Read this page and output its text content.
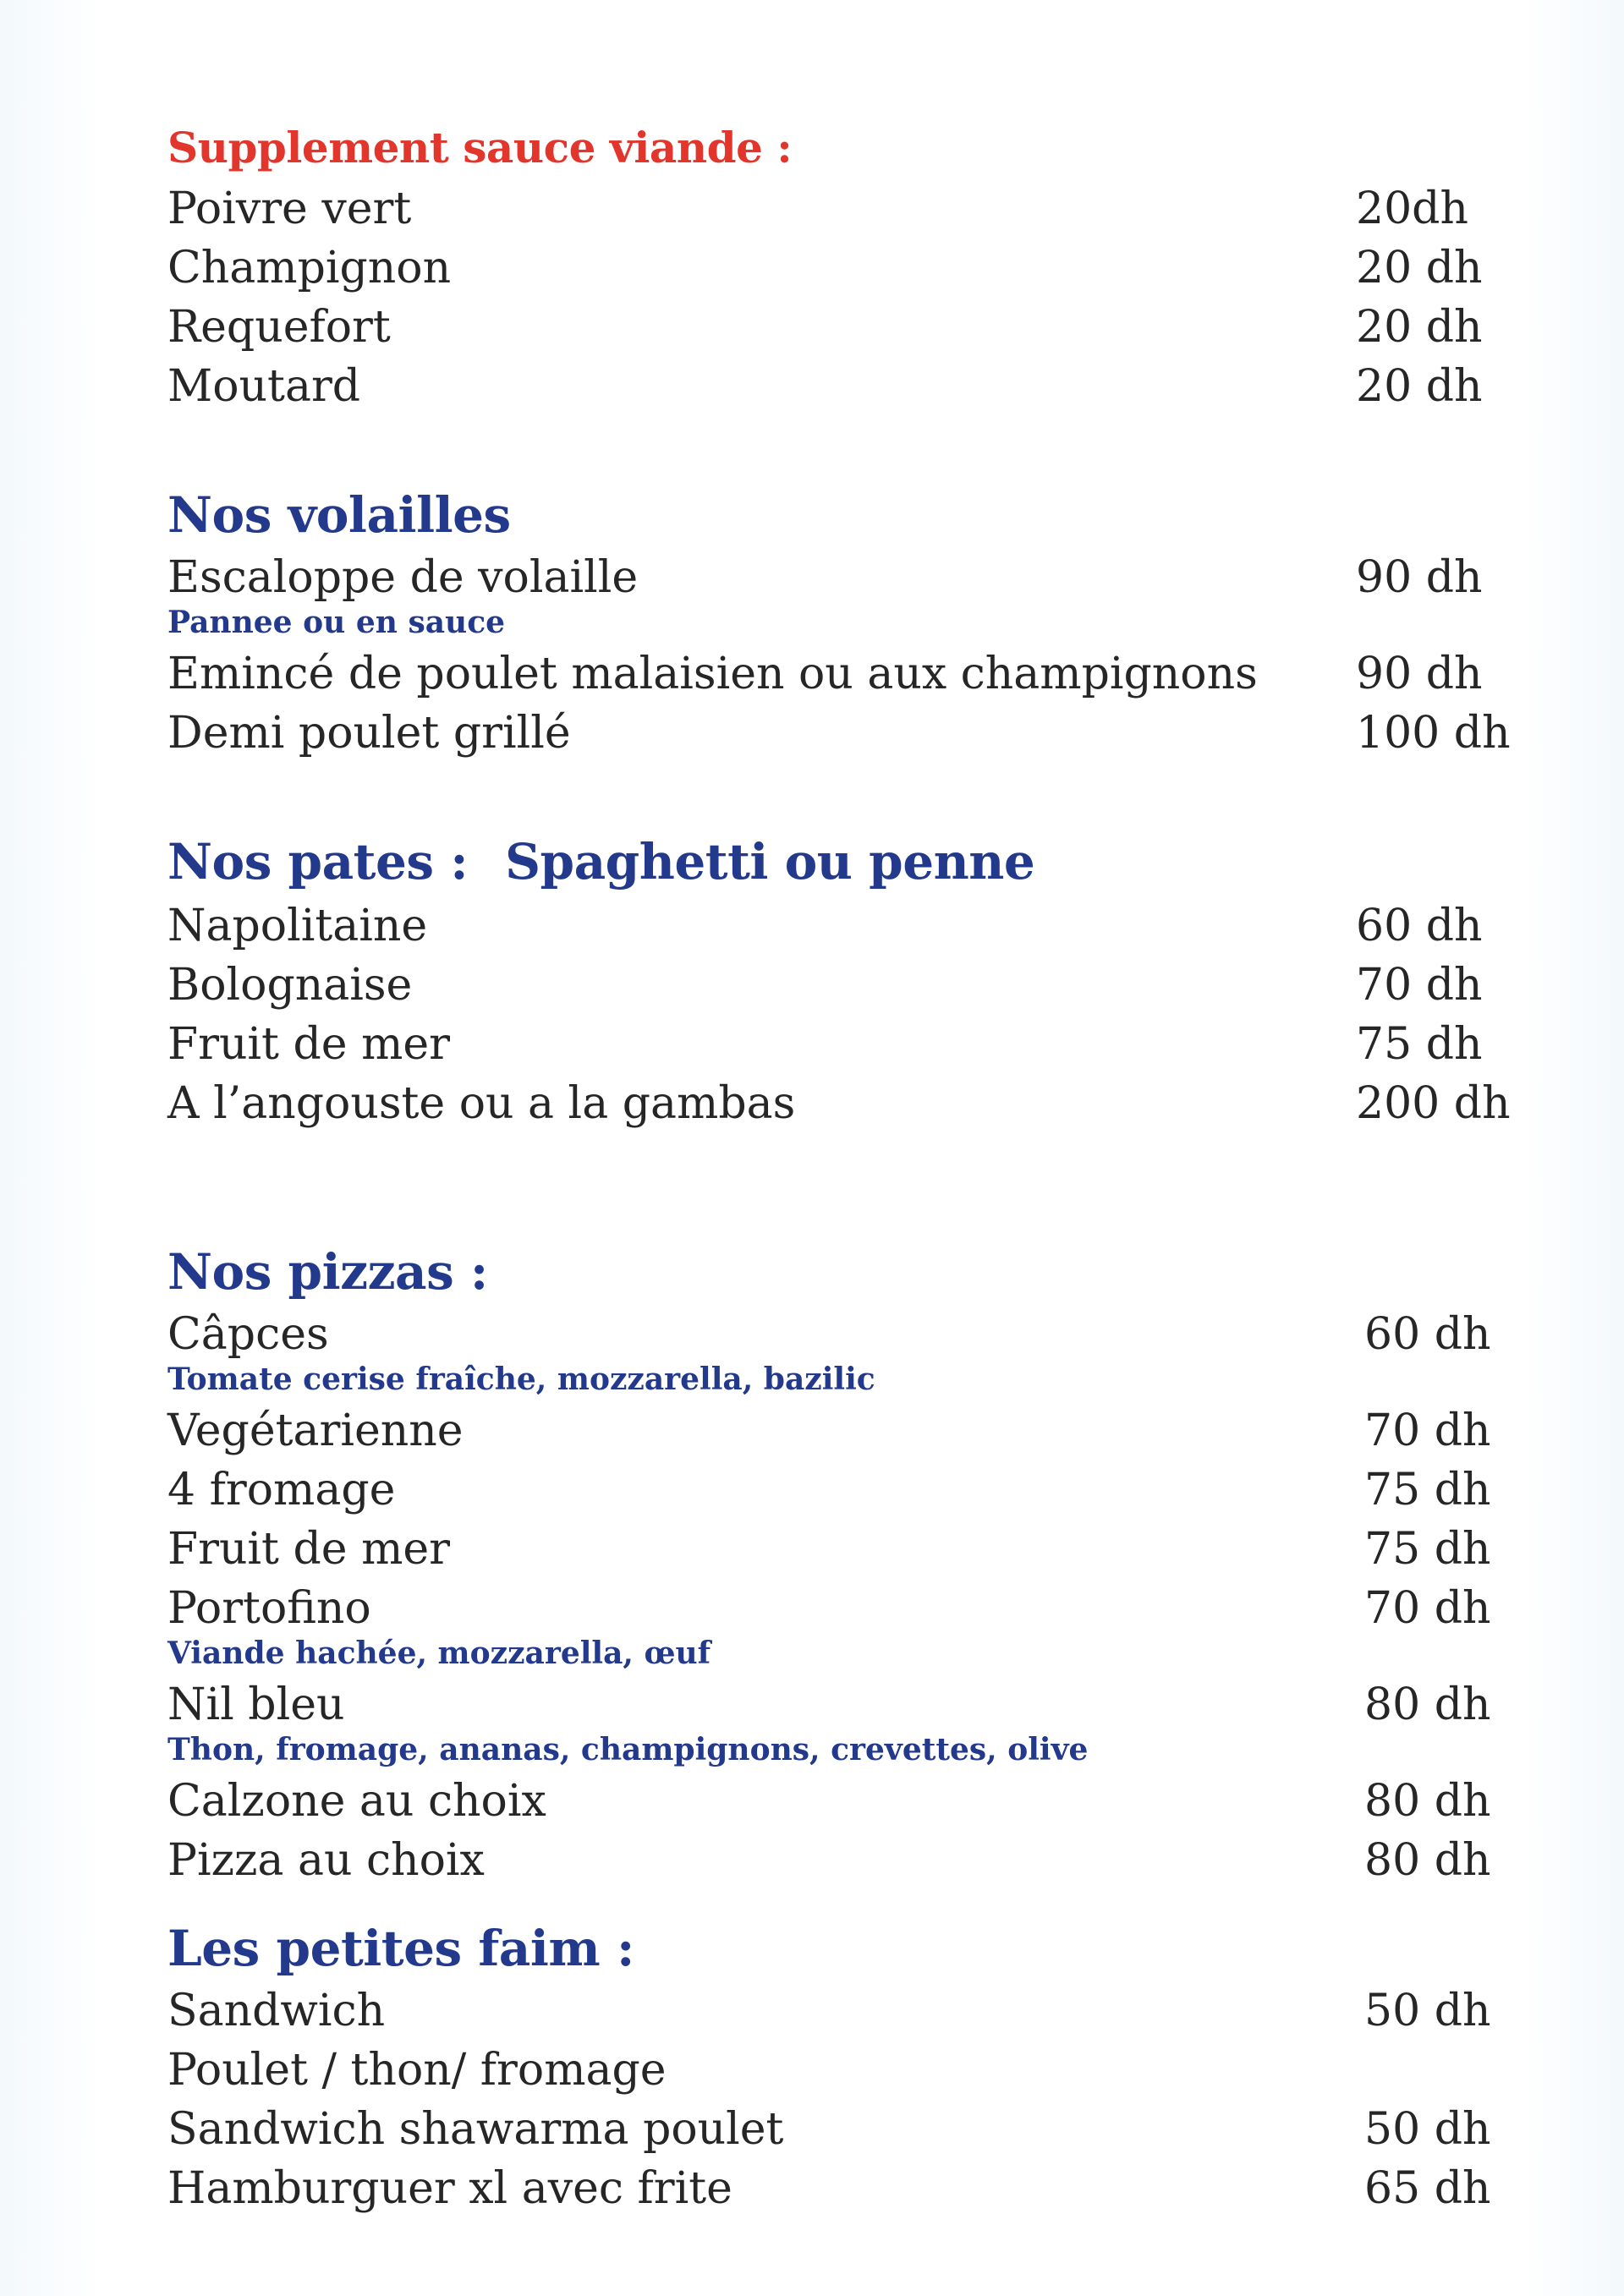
Supplement sauce viande :
Poivre vert	20dh
Champignon	20 dh
Requefort	20 dh
Moutard	20 dh
Nos volailles
Escaloppe de volaille	90 dh
Pannee ou en sauce
Emincé de poulet malaisien ou aux champignons 90 dh
Demi poulet grillé	100 dh
Nos pates : Spaghetti ou penne
Napolitaine	60 dh
Bolognaise	70 dh
Fruit de mer	75 dh
A l’angouste ou a la gambas	200 dh
Nos pizzas :
Câpces	60 dh
Tomate cerise fraîche, mozzarella, bazilic
Vegétarienne	70 dh
4 fromage	75 dh
Fruit de mer	75 dh
Portofino	70 dh
Viande hachée, mozzarella, œuf
Nil bleu	80 dh
Thon, fromage, ananas, champignons, crevettes, olive
Calzone au choix	80 dh
Pizza au choix	80 dh
Les petites faim :
Sandwich	50 dh
Poulet / thon/ fromage
Sandwich shawarma poulet	50 dh
Hamburguer xl avec frite	65 dh
